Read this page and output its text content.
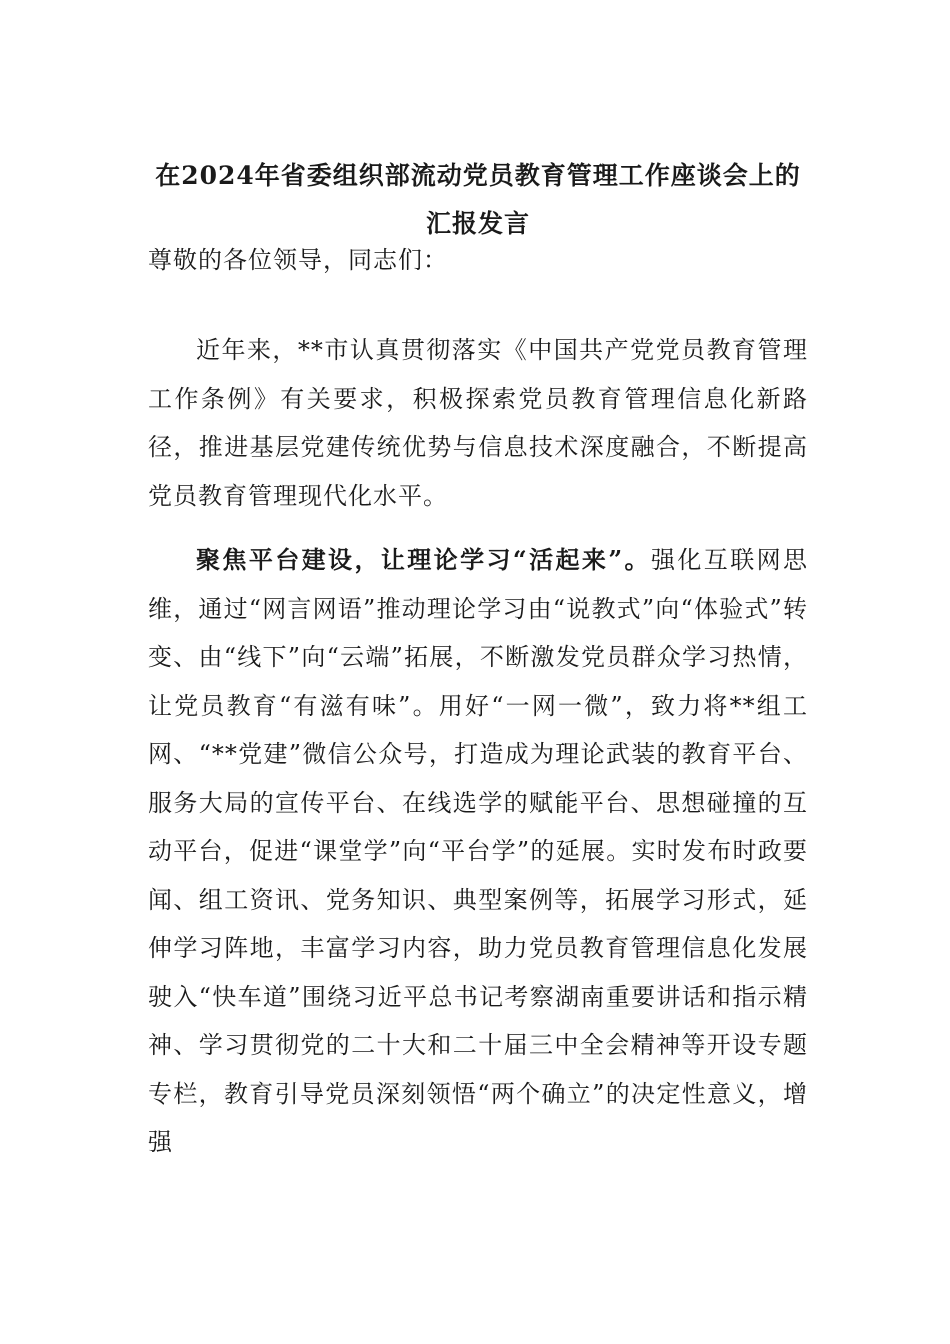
在2024年省委组织部流动党员教育管理工作座谈会上的汇报发言

尊敬的各位领导，同志们：

近年来，**市认真贯彻落实《中国共产党党员教育管理工作条例》有关要求，积极探索党员教育管理信息化新路径，推进基层党建传统优势与信息技术深度融合，不断提高党员教育管理现代化水平。

聚焦平台建设，让理论学习“活起来”。强化互联网思维，通过“网言网语”推动理论学习由“说教式”向“体验式”转变、由“线下”向“云端”拓展，不断激发党员群众学习热情，让党员教育“有滋有味”。用好“一网一微”，致力将**组工网、“**党建”微信公众号，打造成为理论武装的教育平台、服务大局的宣传平台、在线选学的赋能平台、思想碰撞的互动平台，促进“课堂学”向“平台学”的延展。实时发布时政要闻、组工资讯、党务知识、典型案例等，拓展学习形式，延伸学习阵地，丰富学习内容，助力党员教育管理信息化发展驶入“快车道”围绕习近平总书记考察湖南重要讲话和指示精神、学习贯彻党的二十大和二十届三中全会精神等开设专题专栏，教育引导党员深刻领悟“两个确立”的决定性意义，增强
